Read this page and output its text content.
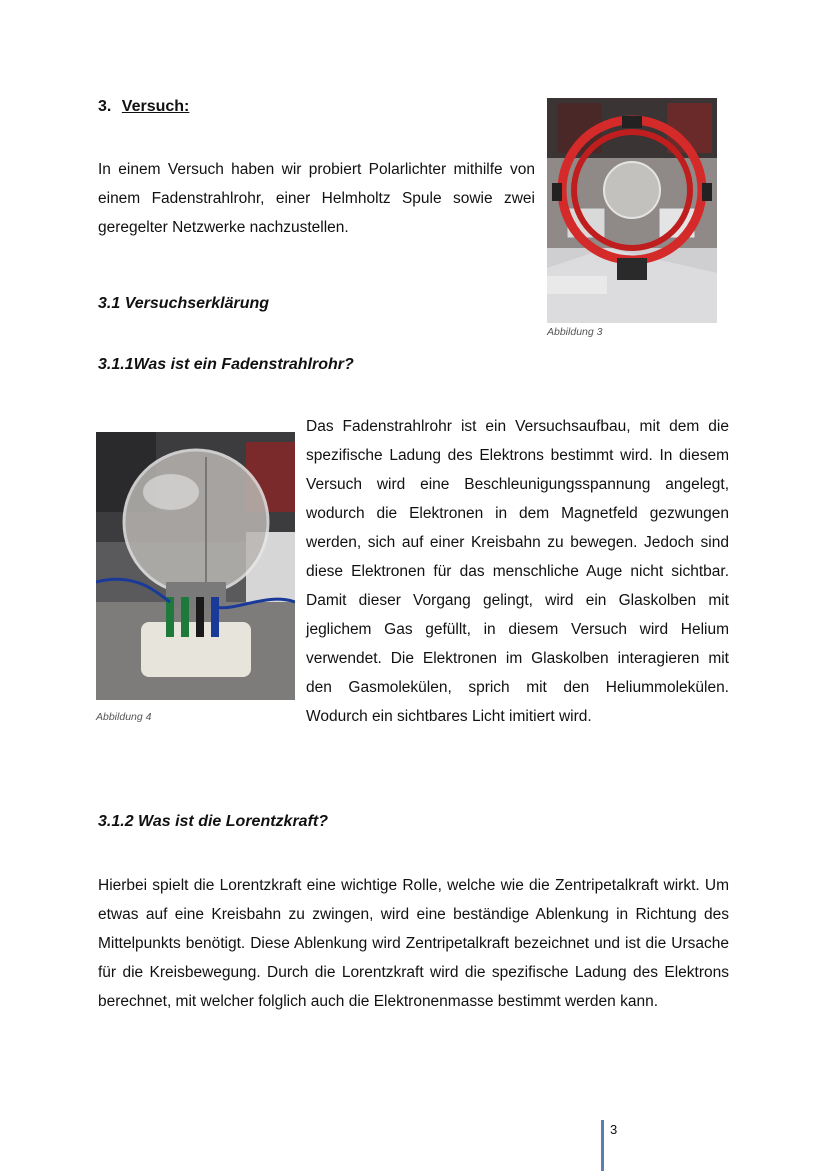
3. Versuch:
In einem Versuch haben wir probiert Polarlichter mithilfe von einem Fadenstrahlrohr, einer Helmholtz Spule sowie zwei geregelter Netzwerke nachzustellen.
Abbildung 3
3.1 Versuchserklärung
3.1.1Was ist ein Fadenstrahlrohr?
Abbildung 4
Das Fadenstrahlrohr ist ein Versuchsaufbau, mit dem die spezifische Ladung des Elektrons bestimmt wird. In diesem Versuch wird eine Beschleunigungsspannung angelegt, wodurch die Elektronen in dem Magnetfeld gezwungen werden, sich auf einer Kreisbahn zu bewegen. Jedoch sind diese Elektronen für das menschliche Auge nicht sichtbar. Damit dieser Vorgang gelingt, wird ein Glaskolben mit jeglichem Gas gefüllt, in diesem Versuch wird Helium verwendet. Die Elektronen im Glaskolben interagieren mit den Gasmolekülen, sprich mit den Heliummolekülen. Wodurch ein sichtbares Licht imitiert wird.
3.1.2 Was ist die Lorentzkraft?
Hierbei spielt die Lorentzkraft eine wichtige Rolle, welche wie die Zentripetalkraft wirkt. Um etwas auf eine Kreisbahn zu zwingen, wird eine beständige Ablenkung in Richtung des Mittelpunkts benötigt. Diese Ablenkung wird Zentripetalkraft bezeichnet und ist die Ursache für die Kreisbewegung. Durch die Lorentzkraft wird die spezifische Ladung des Elektrons berechnet, mit welcher folglich auch die Elektronenmasse bestimmt werden kann.
3
